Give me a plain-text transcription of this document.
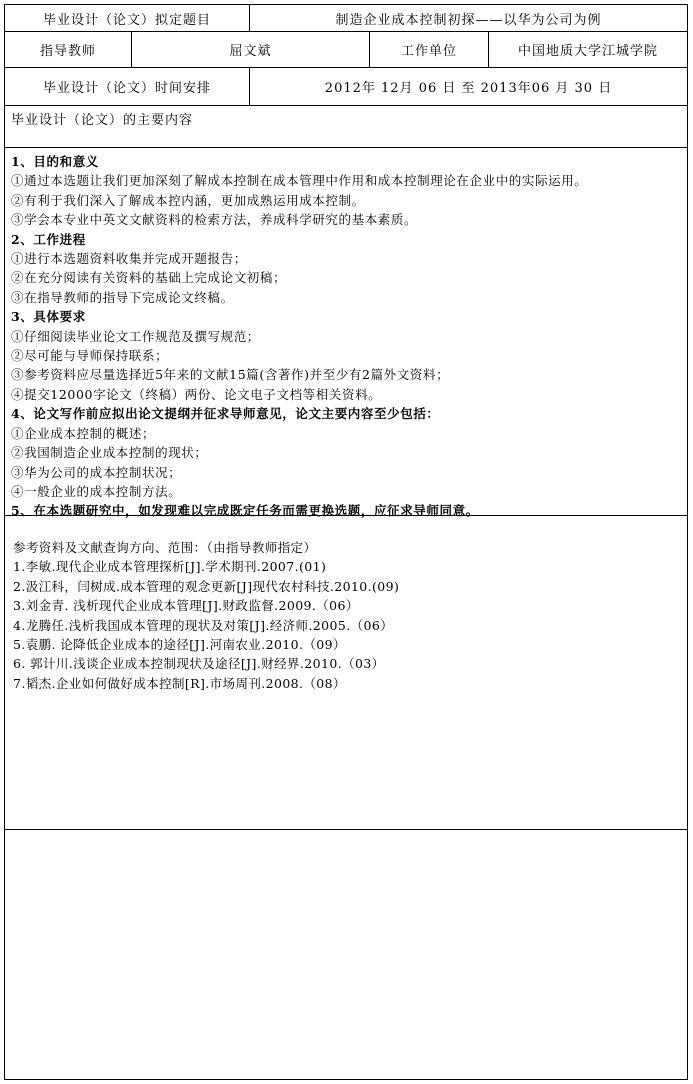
毕业设计（论文）拟定题目	制造企业成本控制初探——以华为公司为例
指导教师	屈文斌	工作单位	中国地质大学江城学院
毕业设计（论文）时间安排	2012年 12月 06 日 至 2013年06 月 30 日
毕业设计（论文）的主要内容
1、目的和意义
①通过本选题让我们更加深刻了解成本控制在成本管理中作用和成本控制理论在企业中的实际运用。
②有利于我们深入了解成本控内涵，更加成熟运用成本控制。
③学会本专业中英文文献资料的检索方法，养成科学研究的基本素质。
2、工作进程
①进行本选题资料收集并完成开题报告；
②在充分阅读有关资料的基础上完成论文初稿；
③在指导教师的指导下完成论文终稿。
3、具体要求
①仔细阅读毕业论文工作规范及撰写规范；
②尽可能与导师保持联系；
③参考资料应尽量选择近5年来的文献15篇(含著作)并至少有2篇外文资料；
④提交12000字论文（终稿）两份、论文电子文档等相关资料。
4、论文写作前应拟出论文提纲并征求导师意见，论文主要内容至少包括：
①企业成本控制的概述；
②我国制造企业成本控制的现状；
③华为公司的成本控制状况；
④一般企业的成本控制方法。
5、在本选题研究中，如发现难以完成既定任务而需更换选题，应征求导师同意。
参考资料及文献查询方向、范围：（由指导教师指定）
1.李敏.现代企业成本管理探析[J].学术期刊.2007.(01)
2.汲江科，闫树成.成本管理的观念更新[J]现代农村科技.2010.(09)
3.刘金青. 浅析现代企业成本管理[J].财政监督.2009.（06）
4.龙腾任.浅析我国成本管理的现状及对策[J].经济师.2005.（06）
5.袁鹏. 论降低企业成本的途径[J].河南农业.2010.（09）
6. 郭计川.浅谈企业成本控制现状及途径[J].财经界.2010.（03）
7.韬杰.企业如何做好成本控制[R].市场周刊.2008.（08）
